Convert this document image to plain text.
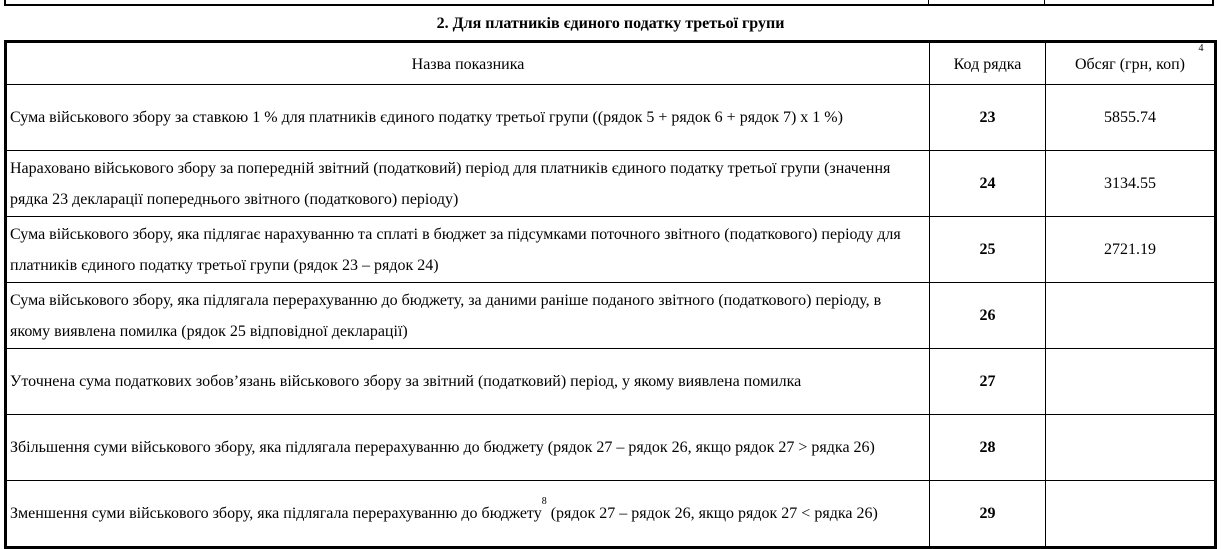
2. Для платників єдиного податку третьої групи
Назва показника	Код рядка	Обсяг (грн, коп)
4

Сума військового збору за ставкою 1 % для платників єдиного податку третьої групи ((рядок 5 + рядок 6 + рядок 7) х 1 %)	23	5855.74
Нараховано військового збору за попередній звітний (податковий) період для платників єдиного податку третьої групи (значення рядка 23 декларації попереднього звітного (податкового) періоду)	24	3134.55
Сума військового збору, яка підлягає нарахуванню та сплаті в бюджет за підсумками поточного звітного (податкового) періоду для платників єдиного податку третьої групи (рядок 23 – рядок 24)	25	2721.19
Сума військового збору, яка підлягала перерахуванню до бюджету, за даними раніше поданого звітного (податкового) періоду, в якому виявлена помилка (рядок 25 відповідної декларації)	26	
Уточнена сума податкових зобов’язань військового збору за звітний (податковий) період, у якому виявлена помилка	27	
Збільшення суми військового збору, яка підлягала перерахуванню до бюджету (рядок 27 – рядок 26, якщо рядок 27 > рядка 26)	28	
Зменшення суми військового збору, яка підлягала перерахуванню до бюджету$^8$ (рядок 27 – рядок 26, якщо рядок 27 < рядка 26)	29	
